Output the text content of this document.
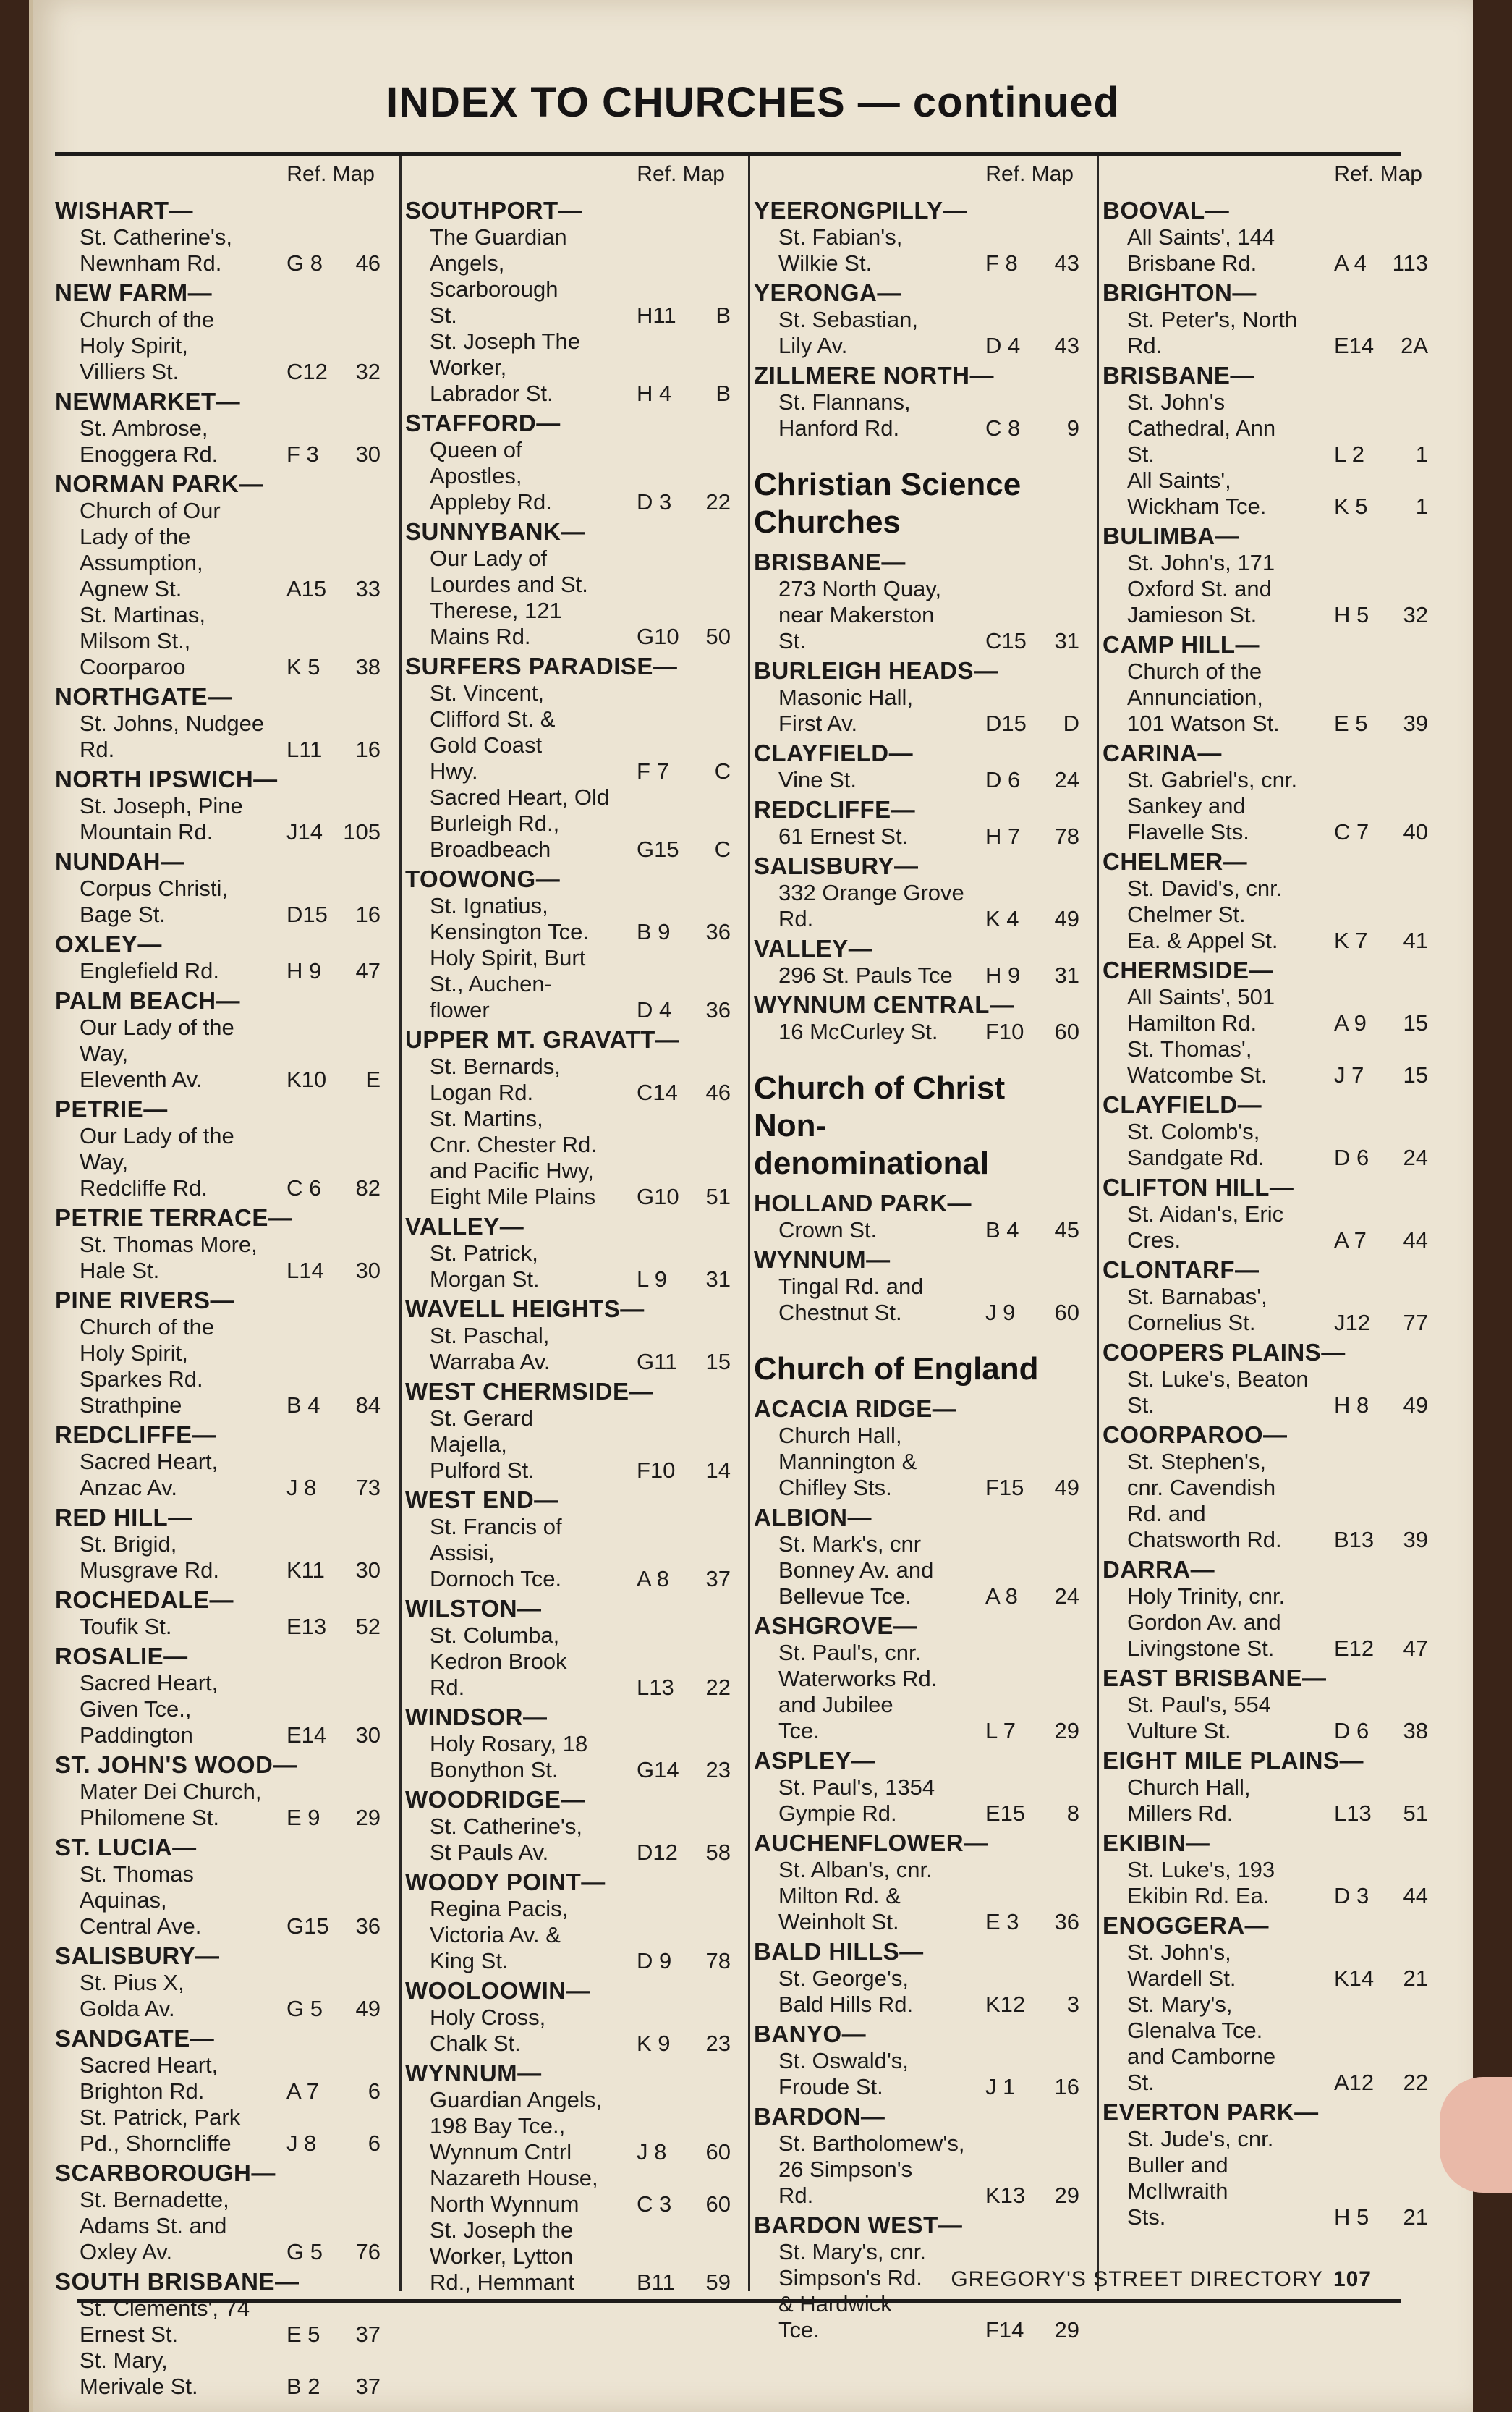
INDEX TO CHURCHES — continued
Ref. Map
WISHART—
St. Catherine's,
Newnham Rd.	G 8	46
NEW FARM—
Church of the
Holy Spirit,
Villiers St.	C12	32
NEWMARKET—
St. Ambrose,
Enoggera Rd.	F 3	30
NORMAN PARK—
Church of Our
Lady of the
Assumption,
Agnew St.	A15	33
St. Martinas,
Milsom St.,
Coorparoo	K 5	38
NORTHGATE—
St. Johns, Nudgee
Rd.	L11	16
NORTH IPSWICH—
St. Joseph, Pine
Mountain Rd.	J14 105
NUNDAH—
Corpus Christi,
Bage St.	D15	16
OXLEY—
Englefield Rd.	H 9	47
PALM BEACH—
Our Lady of the Way,
Eleventh Av.	K10	E
PETRIE—
Our Lady of the Way,
Redcliffe Rd.	C 6	82
PETRIE TERRACE—
St. Thomas More,
Hale St.	L14	30
PINE RIVERS—
Church of the
Holy Spirit,
Sparkes Rd.
Strathpine	B 4	84
REDCLIFFE—
Sacred Heart,
Anzac Av.	J 8	73
RED HILL—
St. Brigid,
Musgrave Rd.	K11	30
ROCHEDALE—
Toufik St.	E13	52
ROSALIE—
Sacred Heart,
Given Tce.,
Paddington	E14	30
ST. JOHN'S WOOD—
Mater Dei Church,
Philomene St.	E 9	29
ST. LUCIA—
St. Thomas
Aquinas,
Central Ave.	G15	36
SALISBURY—
St. Pius X,
Golda Av.	G 5	49
SANDGATE—
Sacred Heart,
Brighton Rd.	A 7	6
St. Patrick, Park
Pd., Shorncliffe	J 8	6
SCARBOROUGH—
St. Bernadette,
Adams St. and
Oxley Av.	G 5	76
SOUTH BRISBANE—
St. Clements', 74
Ernest St.	E 5	37
St. Mary,
Merivale St.	B 2	37
Ref. Map
SOUTHPORT—
The Guardian
Angels,
Scarborough
St.	H11	B
St. Joseph The
Worker,
Labrador St.	H 4	B
STAFFORD—
Queen of
Apostles,
Appleby Rd.	D 3	22
SUNNYBANK—
Our Lady of
Lourdes and St.
Therese, 121
Mains Rd.	G10	50
SURFERS PARADISE—
St. Vincent,
Clifford St. &
Gold Coast
Hwy.	F 7	C
Sacred Heart, Old
Burleigh Rd.,
Broadbeach	G15	C
TOOWONG—
St. Ignatius,
Kensington Tce.	B 9	36
Holy Spirit, Burt
St., Auchen-
flower	D 4	36
UPPER MT. GRAVATT—
St. Bernards,
Logan Rd.	C14	46
St. Martins,
Cnr. Chester Rd.
and Pacific Hwy,
Eight Mile Plains	G10	51
VALLEY—
St. Patrick,
Morgan St.	L 9	31
WAVELL HEIGHTS—
St. Paschal,
Warraba Av.	G11	15
WEST CHERMSIDE—
St. Gerard
Majella,
Pulford St.	F10	14
WEST END—
St. Francis of
Assisi,
Dornoch Tce.	A 8	37
WILSTON—
St. Columba,
Kedron Brook
Rd.	L13	22
WINDSOR—
Holy Rosary, 18
Bonython St.	G14	23
WOODRIDGE—
St. Catherine's,
St Pauls Av.	D12	58
WOODY POINT—
Regina Pacis,
Victoria Av. &
King St.	D 9	78
WOOLOOWIN—
Holy Cross,
Chalk St.	K 9	23
WYNNUM—
Guardian Angels,
198 Bay Tce.,
Wynnum Cntrl	J 8	60
Nazareth House,
North Wynnum	C 3	60
St. Joseph the
Worker, Lytton
Rd., Hemmant	B11	59
Ref. Map
YEERONGPILLY—
St. Fabian's,
Wilkie St.	F 8	43
YERONGA—
St. Sebastian,
Lily Av.	D 4	43
ZILLMERE NORTH—
St. Flannans,
Hanford Rd.	C 8	9
Christian Science
Churches
BRISBANE—
273 North Quay,
near Makerston
St.	C15	31
BURLEIGH HEADS—
Masonic Hall,
First Av.	D15	D
CLAYFIELD—
Vine St.	D 6	24
REDCLIFFE—
61 Ernest St.	H 7	78
SALISBURY—
332 Orange Grove
Rd.	K 4	49
VALLEY—
296 St. Pauls Tce	H 9	31
WYNNUM CENTRAL—
16 McCurley St.	F10	60
Church of Christ
Non-
denominational
HOLLAND PARK—
Crown St.	B 4	45
WYNNUM—
Tingal Rd. and
Chestnut St.	J 9	60
Church of England
ACACIA RIDGE—
Church Hall,
Mannington &
Chifley Sts.	F15	49
ALBION—
St. Mark's, cnr
Bonney Av. and
Bellevue Tce.	A 8	24
ASHGROVE—
St. Paul's, cnr.
Waterworks Rd.
and Jubilee
Tce.	L 7	29
ASPLEY—
St. Paul's, 1354
Gympie Rd.	E15	8
AUCHENFLOWER—
St. Alban's, cnr.
Milton Rd. &
Weinholt St.	E 3	36
BALD HILLS—
St. George's,
Bald Hills Rd.	K12	3
BANYO—
St. Oswald's,
Froude St.	J 1	16
BARDON—
St. Bartholomew's,
26 Simpson's
Rd.	K13	29
BARDON WEST—
St. Mary's, cnr.
Simpson's Rd.
& Hardwick
Tce.	F14	29
Ref. Map
BOOVAL—
All Saints', 144
Brisbane Rd.	A 4	113
BRIGHTON—
St. Peter's, North
Rd.	E14	2A
BRISBANE—
St. John's
Cathedral, Ann
St.	L 2	1
All Saints',
Wickham Tce.	K 5	1
BULIMBA—
St. John's, 171
Oxford St. and
Jamieson St.	H 5	32
CAMP HILL—
Church of the
Annunciation,
101 Watson St.	E 5	39
CARINA—
St. Gabriel's, cnr.
Sankey and
Flavelle Sts.	C 7	40
CHELMER—
St. David's, cnr.
Chelmer St.
Ea. & Appel St.	K 7	41
CHERMSIDE—
All Saints', 501
Hamilton Rd.	A 9	15
St. Thomas',
Watcombe St.	J 7	15
CLAYFIELD—
St. Colomb's,
Sandgate Rd.	D 6	24
CLIFTON HILL—
St. Aidan's, Eric
Cres.	A 7	44
CLONTARF—
St. Barnabas',
Cornelius St.	J12	77
COOPERS PLAINS—
St. Luke's, Beaton
St.	H 8	49
COORPAROO—
St. Stephen's,
cnr. Cavendish
Rd. and
Chatsworth Rd.	B13	39
DARRA—
Holy Trinity, cnr.
Gordon Av. and
Livingstone St.	E12	47
EAST BRISBANE—
St. Paul's, 554
Vulture St.	D 6	38
EIGHT MILE PLAINS—
Church Hall,
Millers Rd.	L13	51
EKIBIN—
St. Luke's, 193
Ekibin Rd. Ea.	D 3	44
ENOGGERA—
St. John's,
Wardell St.	K14	21
St. Mary's,
Glenalva Tce.
and Camborne
St.	A12	22
EVERTON PARK—
St. Jude's, cnr.
Buller and
McIlwraith
Sts.	H 5	21
GREGORY'S STREET DIRECTORY 107
